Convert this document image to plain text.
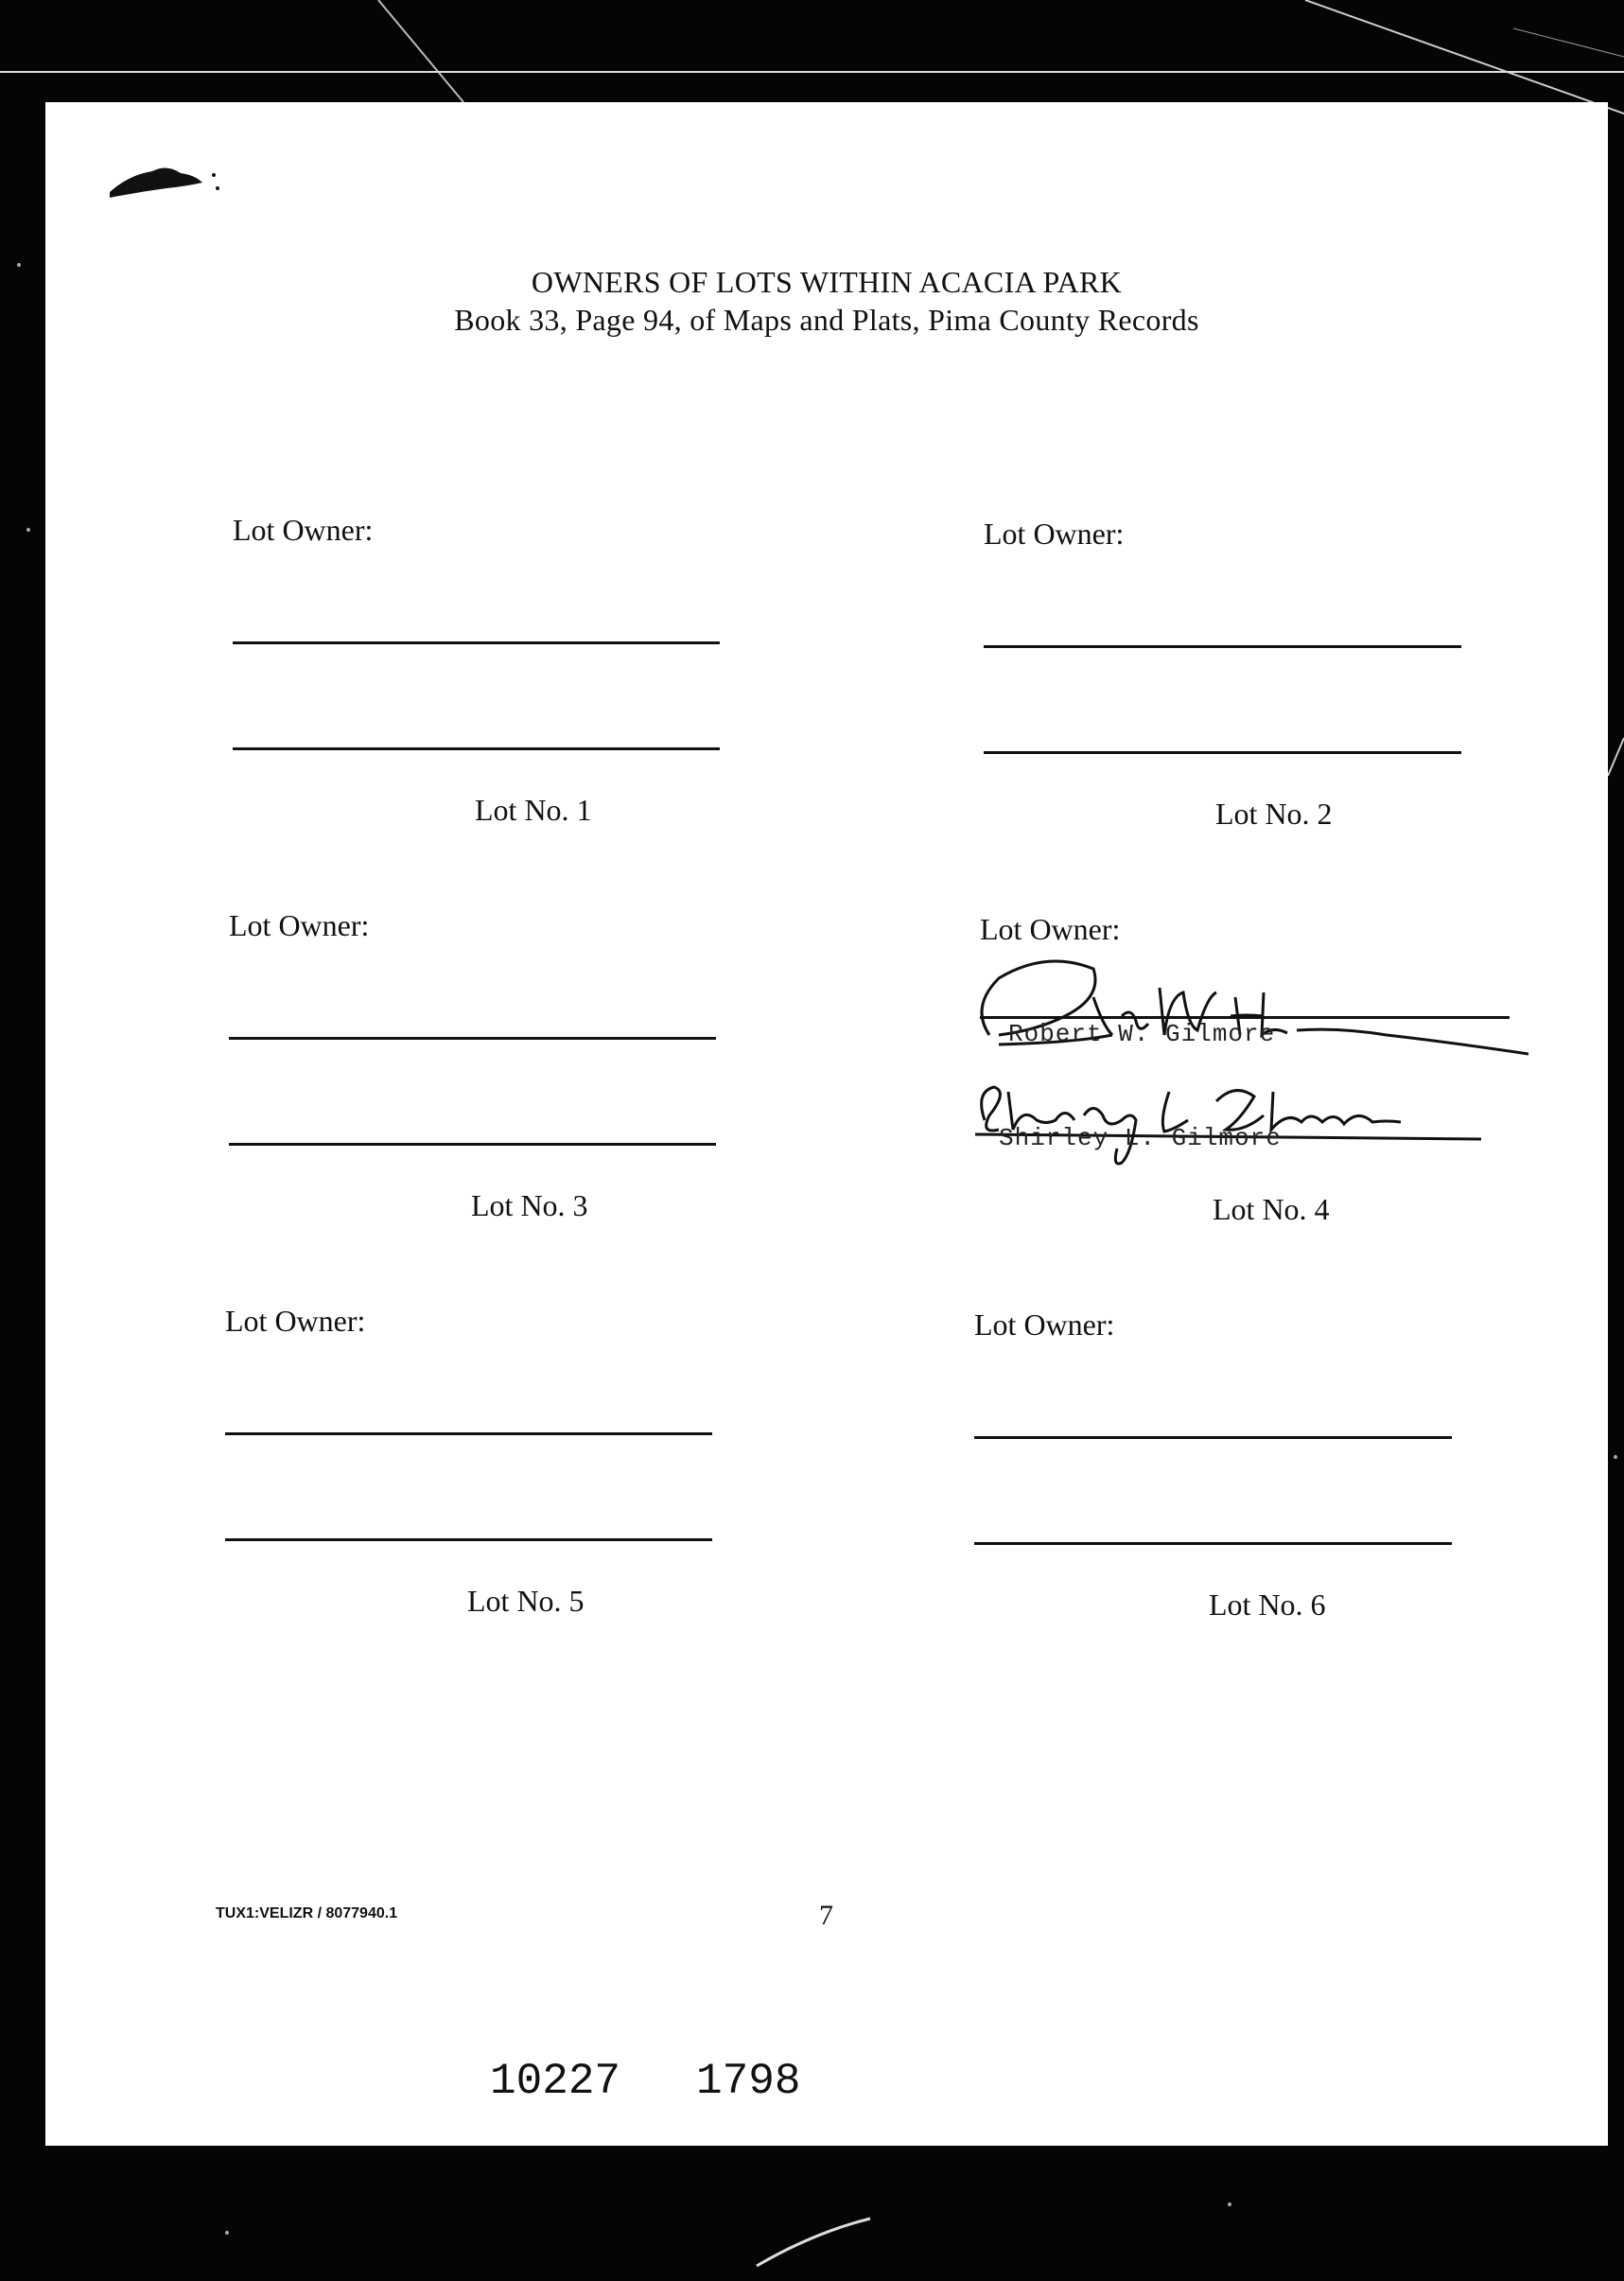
OWNERS OF LOTS WITHIN ACACIA PARK
Book 33, Page 94, of Maps and Plats, Pima County Records
Lot Owner:
Lot No. 1
Lot Owner:
Lot No. 2
Lot Owner:
Lot No. 3
Lot Owner:
Robert W. Gilmore
Shirley L. Gilmore
Lot No. 4
Lot Owner:
Lot No. 5
Lot Owner:
Lot No. 6
TUX1:VELIZR / 8077940.1	7
10227 1798
